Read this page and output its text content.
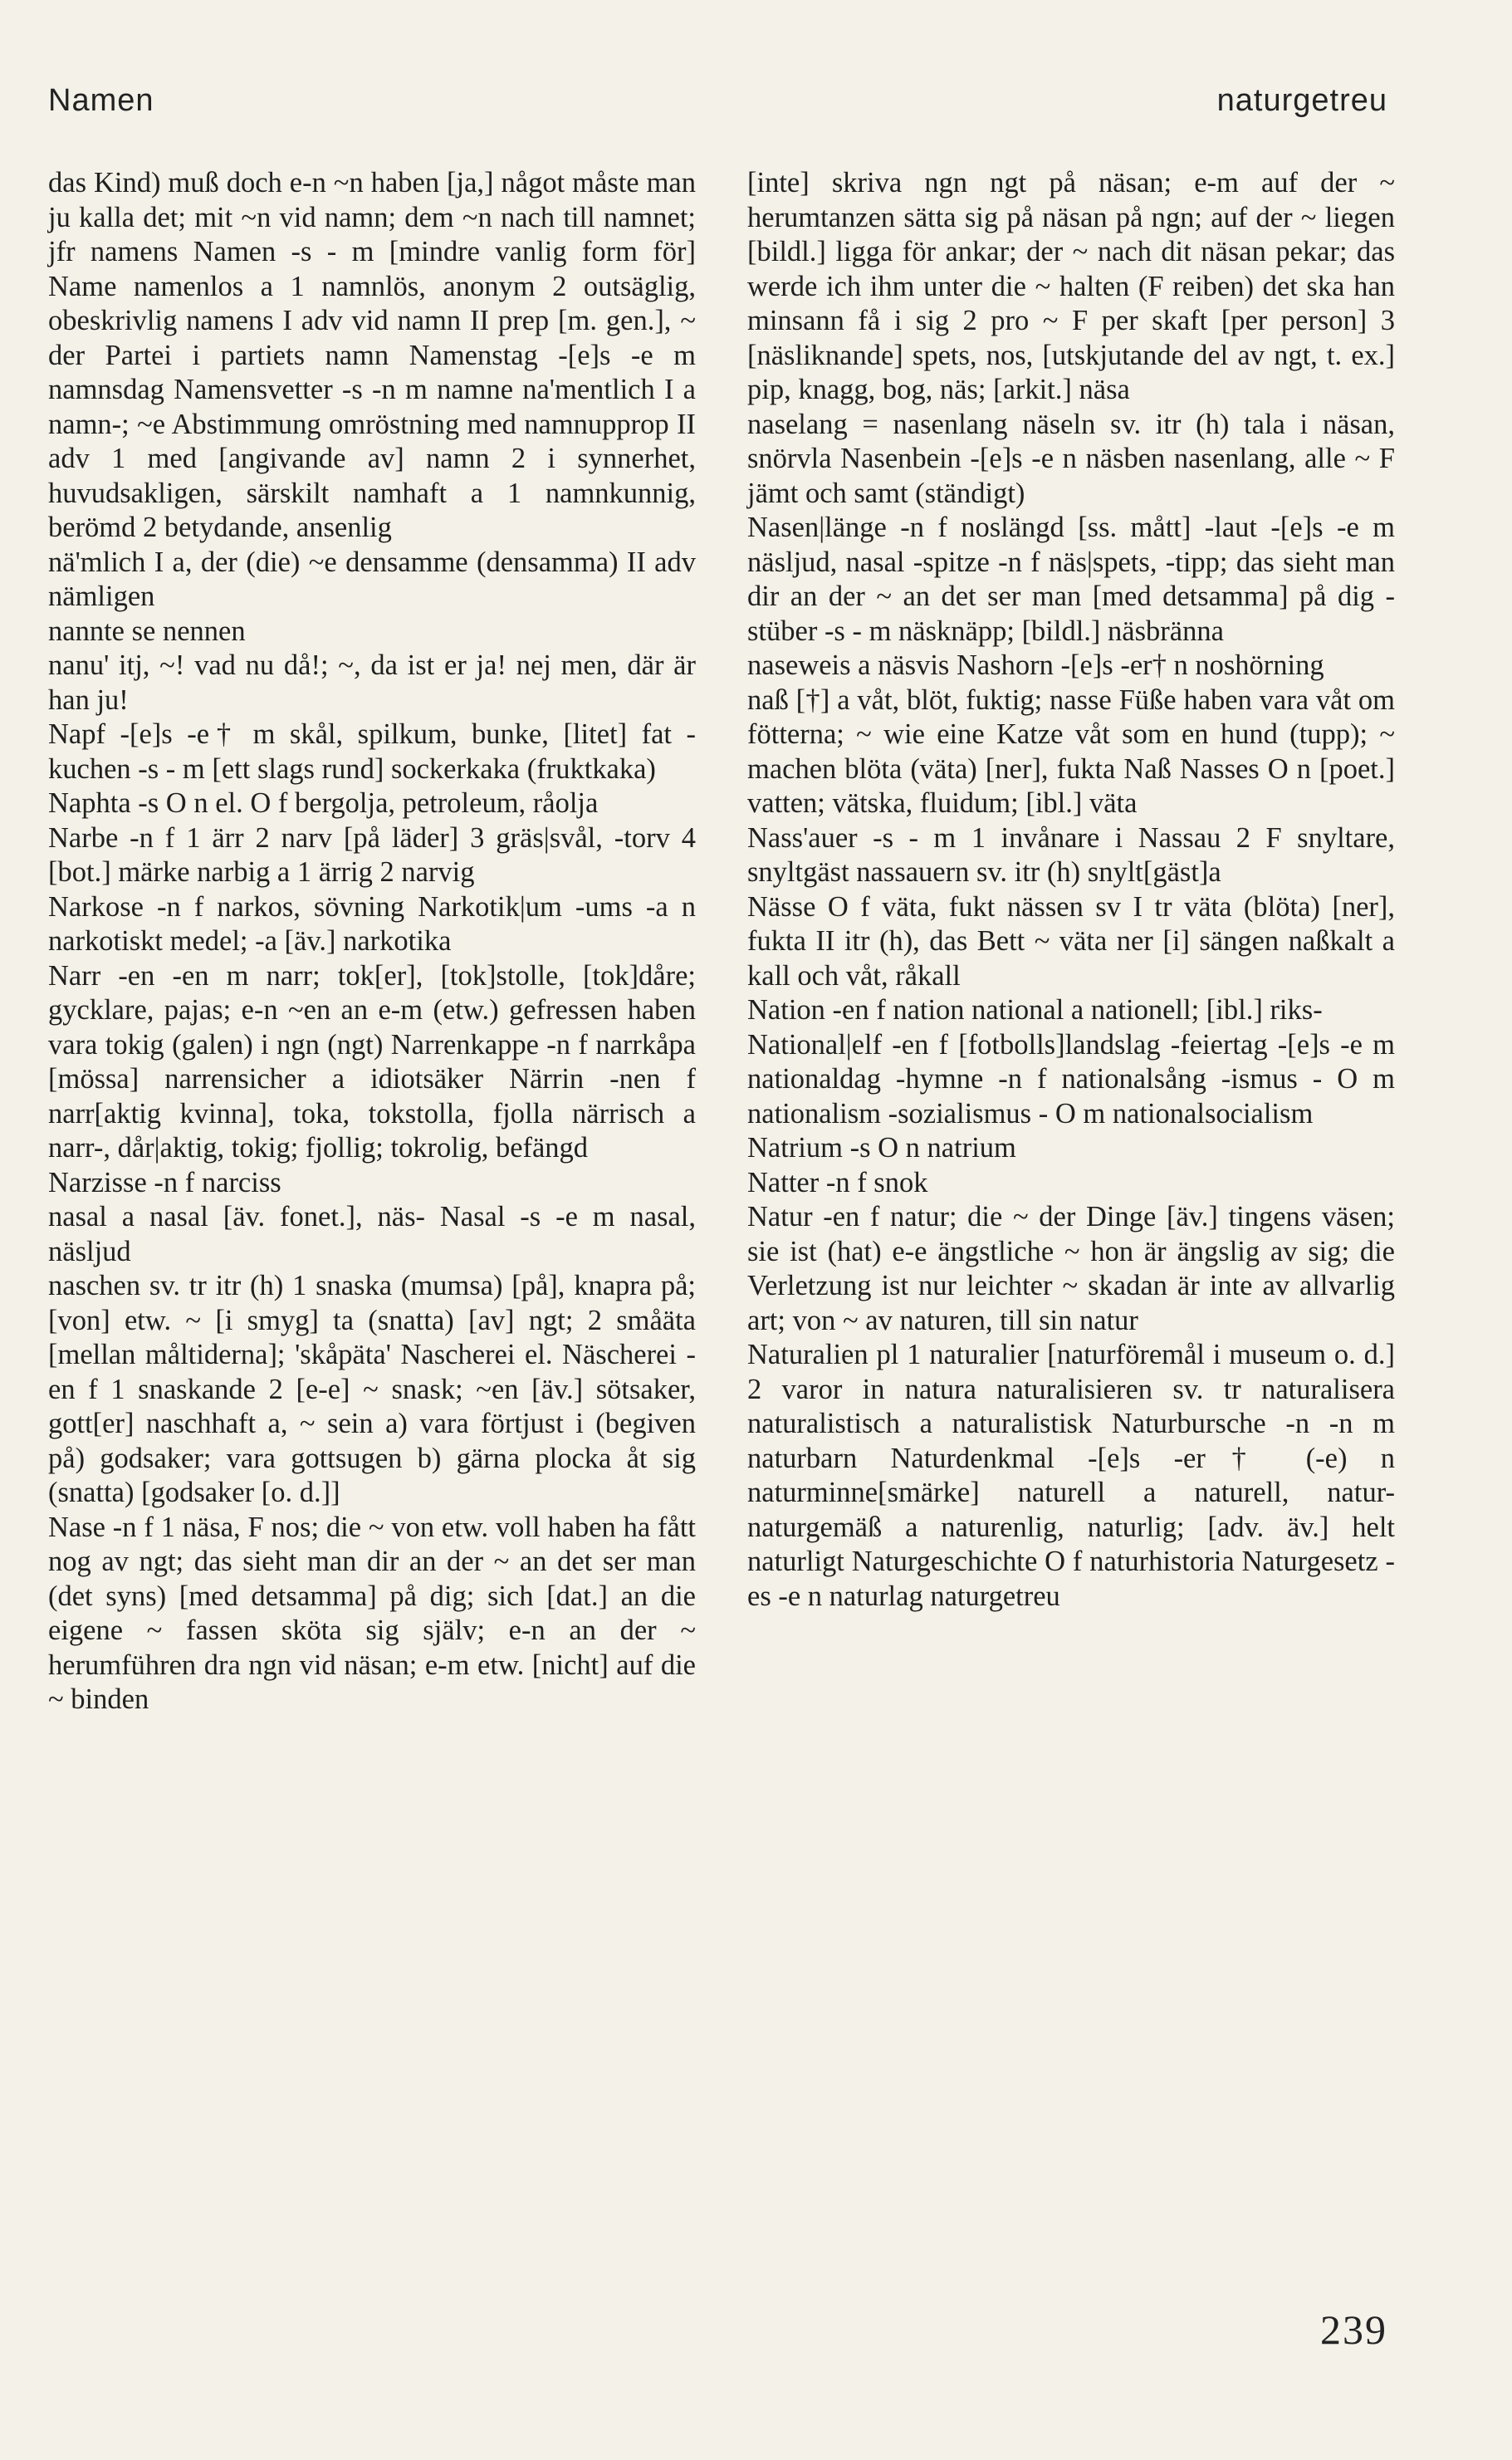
Namen	naturgetreu

das Kind) muß doch e-n ~n haben [ja,] något måste man ju kalla det; mit ~n vid namn; dem ~n nach till namnet; jfr namens Namen -s - m [mindre vanlig form för] Name namenlos a 1 namnlös, anonym 2 outsäglig, obeskrivlig namens I adv vid namn II prep [m. gen.], ~ der Partei i partiets namn Namenstag -[e]s -e m namnsdag Namensvetter -s -n m namne na'mentlich I a namn-; ~e Abstimmung omröstning med namnupprop II adv 1 med [angivande av] namn 2 i synnerhet, huvudsakligen, särskilt namhaft a 1 namnkunnig, berömd 2 betydande, ansenlig

nä'mlich I a, der (die) ~e densamme (densamma) II adv nämligen

nannte se nennen

nanu' itj, ~! vad nu då!; ~, da ist er ja! nej men, där är han ju!

Napf -[e]s -e† m skål, spilkum, bunke, [litet] fat -kuchen -s - m [ett slags rund] sockerkaka (fruktkaka)

Naphta -s O n el. O f bergolja, petroleum, råolja

Narbe -n f 1 ärr 2 narv [på läder] 3 gräs|svål, -torv 4 [bot.] märke narbig a 1 ärrig 2 narvig

Narkose -n f narkos, sövning Narkotik|um -ums -a n narkotiskt medel; -a [äv.] narkotika

Narr -en -en m narr; tok[er], [tok]stolle, [tok]dåre; gycklare, pajas; e-n ~en an e-m (etw.) gefressen haben vara tokig (galen) i ngn (ngt) Narrenkappe -n f narrkåpa [mössa] narrensicher a idiotsäker Närrin -nen f narr[aktig kvinna], toka, tokstolla, fjolla närrisch a narr-, dår|aktig, tokig; fjollig; tokrolig, befängd

Narzisse -n f narciss

nasal a nasal [äv. fonet.], näs- Nasal -s -e m nasal, näsljud

naschen sv. tr itr (h) 1 snaska (mumsa) [på], knapra på; [von] etw. ~ [i smyg] ta (snatta) [av] ngt; 2 småäta [mellan måltiderna]; 'skåpäta' Nascherei el. Näscherei -en f 1 snaskande 2 [e-e] ~ snask; ~en [äv.] sötsaker, gott[er] naschhaft a, ~ sein a) vara förtjust i (begiven på) godsaker; vara gottsugen b) gärna plocka åt sig (snatta) [godsaker [o. d.]]

Nase -n f 1 näsa, F nos; die ~ von etw. voll haben ha fått nog av ngt; das sieht man dir an der ~ an det ser man (det syns) [med detsamma] på dig; sich [dat.] an die eigene ~ fassen sköta sig själv; e-n an der ~ herumführen dra ngn vid näsan; e-m etw. [nicht] auf die ~ binden

[inte] skriva ngn ngt på näsan; e-m auf der ~ herumtanzen sätta sig på näsan på ngn; auf der ~ liegen [bildl.] ligga för ankar; der ~ nach dit näsan pekar; das werde ich ihm unter die ~ halten (F reiben) det ska han minsann få i sig 2 pro ~ F per skaft [per person] 3 [näsliknande] spets, nos, [utskjutande del av ngt, t. ex.] pip, knagg, bog, näs; [arkit.] näsa

naselang = nasenlang näseln sv. itr (h) tala i näsan, snörvla Nasenbein -[e]s -e n näsben nasenlang, alle ~ F jämt och samt (ständigt)

Nasen|länge -n f noslängd [ss. mått] -laut -[e]s -e m näsljud, nasal -spitze -n f näs|spets, -tipp; das sieht man dir an der ~ an det ser man [med detsamma] på dig -stüber -s - m näsknäpp; [bildl.] näsbränna

naseweis a näsvis Nashorn -[e]s -er† n noshörning

naß [†] a våt, blöt, fuktig; nasse Füße haben vara våt om fötterna; ~ wie eine Katze våt som en hund (tupp); ~ machen blöta (väta) [ner], fukta Naß Nasses O n [poet.] vatten; vätska, fluidum; [ibl.] väta

Nass'auer -s - m 1 invånare i Nassau 2 F snyltare, snyltgäst nassauern sv. itr (h) snylt[gäst]a

Nässe O f väta, fukt nässen sv I tr väta (blöta) [ner], fukta II itr (h), das Bett ~ väta ner [i] sängen naßkalt a kall och våt, råkall

Nation -en f nation national a nationell; [ibl.] riks-

National|elf -en f [fotbolls]landslag -feiertag -[e]s -e m nationaldag -hymne -n f nationalsång -ismus - O m nationalism -sozialismus - O m nationalsocialism

Natrium -s O n natrium

Natter -n f snok

Natur -en f natur; die ~ der Dinge [äv.] tingens väsen; sie ist (hat) e-e ängstliche ~ hon är ängslig av sig; die Verletzung ist nur leichter ~ skadan är inte av allvarlig art; von ~ av naturen, till sin natur

Naturalien pl 1 naturalier [naturföremål i museum o. d.] 2 varor in natura naturalisieren sv. tr naturalisera naturalistisch a naturalistisk Naturbursche -n -n m naturbarn Naturdenkmal -[e]s -er† (-e) n naturminne[smärke] naturell a naturell, natur- naturgemäß a naturenlig, naturlig; [adv. äv.] helt naturligt Naturgeschichte O f naturhistoria Naturgesetz -es -e n naturlag naturgetreu

239
